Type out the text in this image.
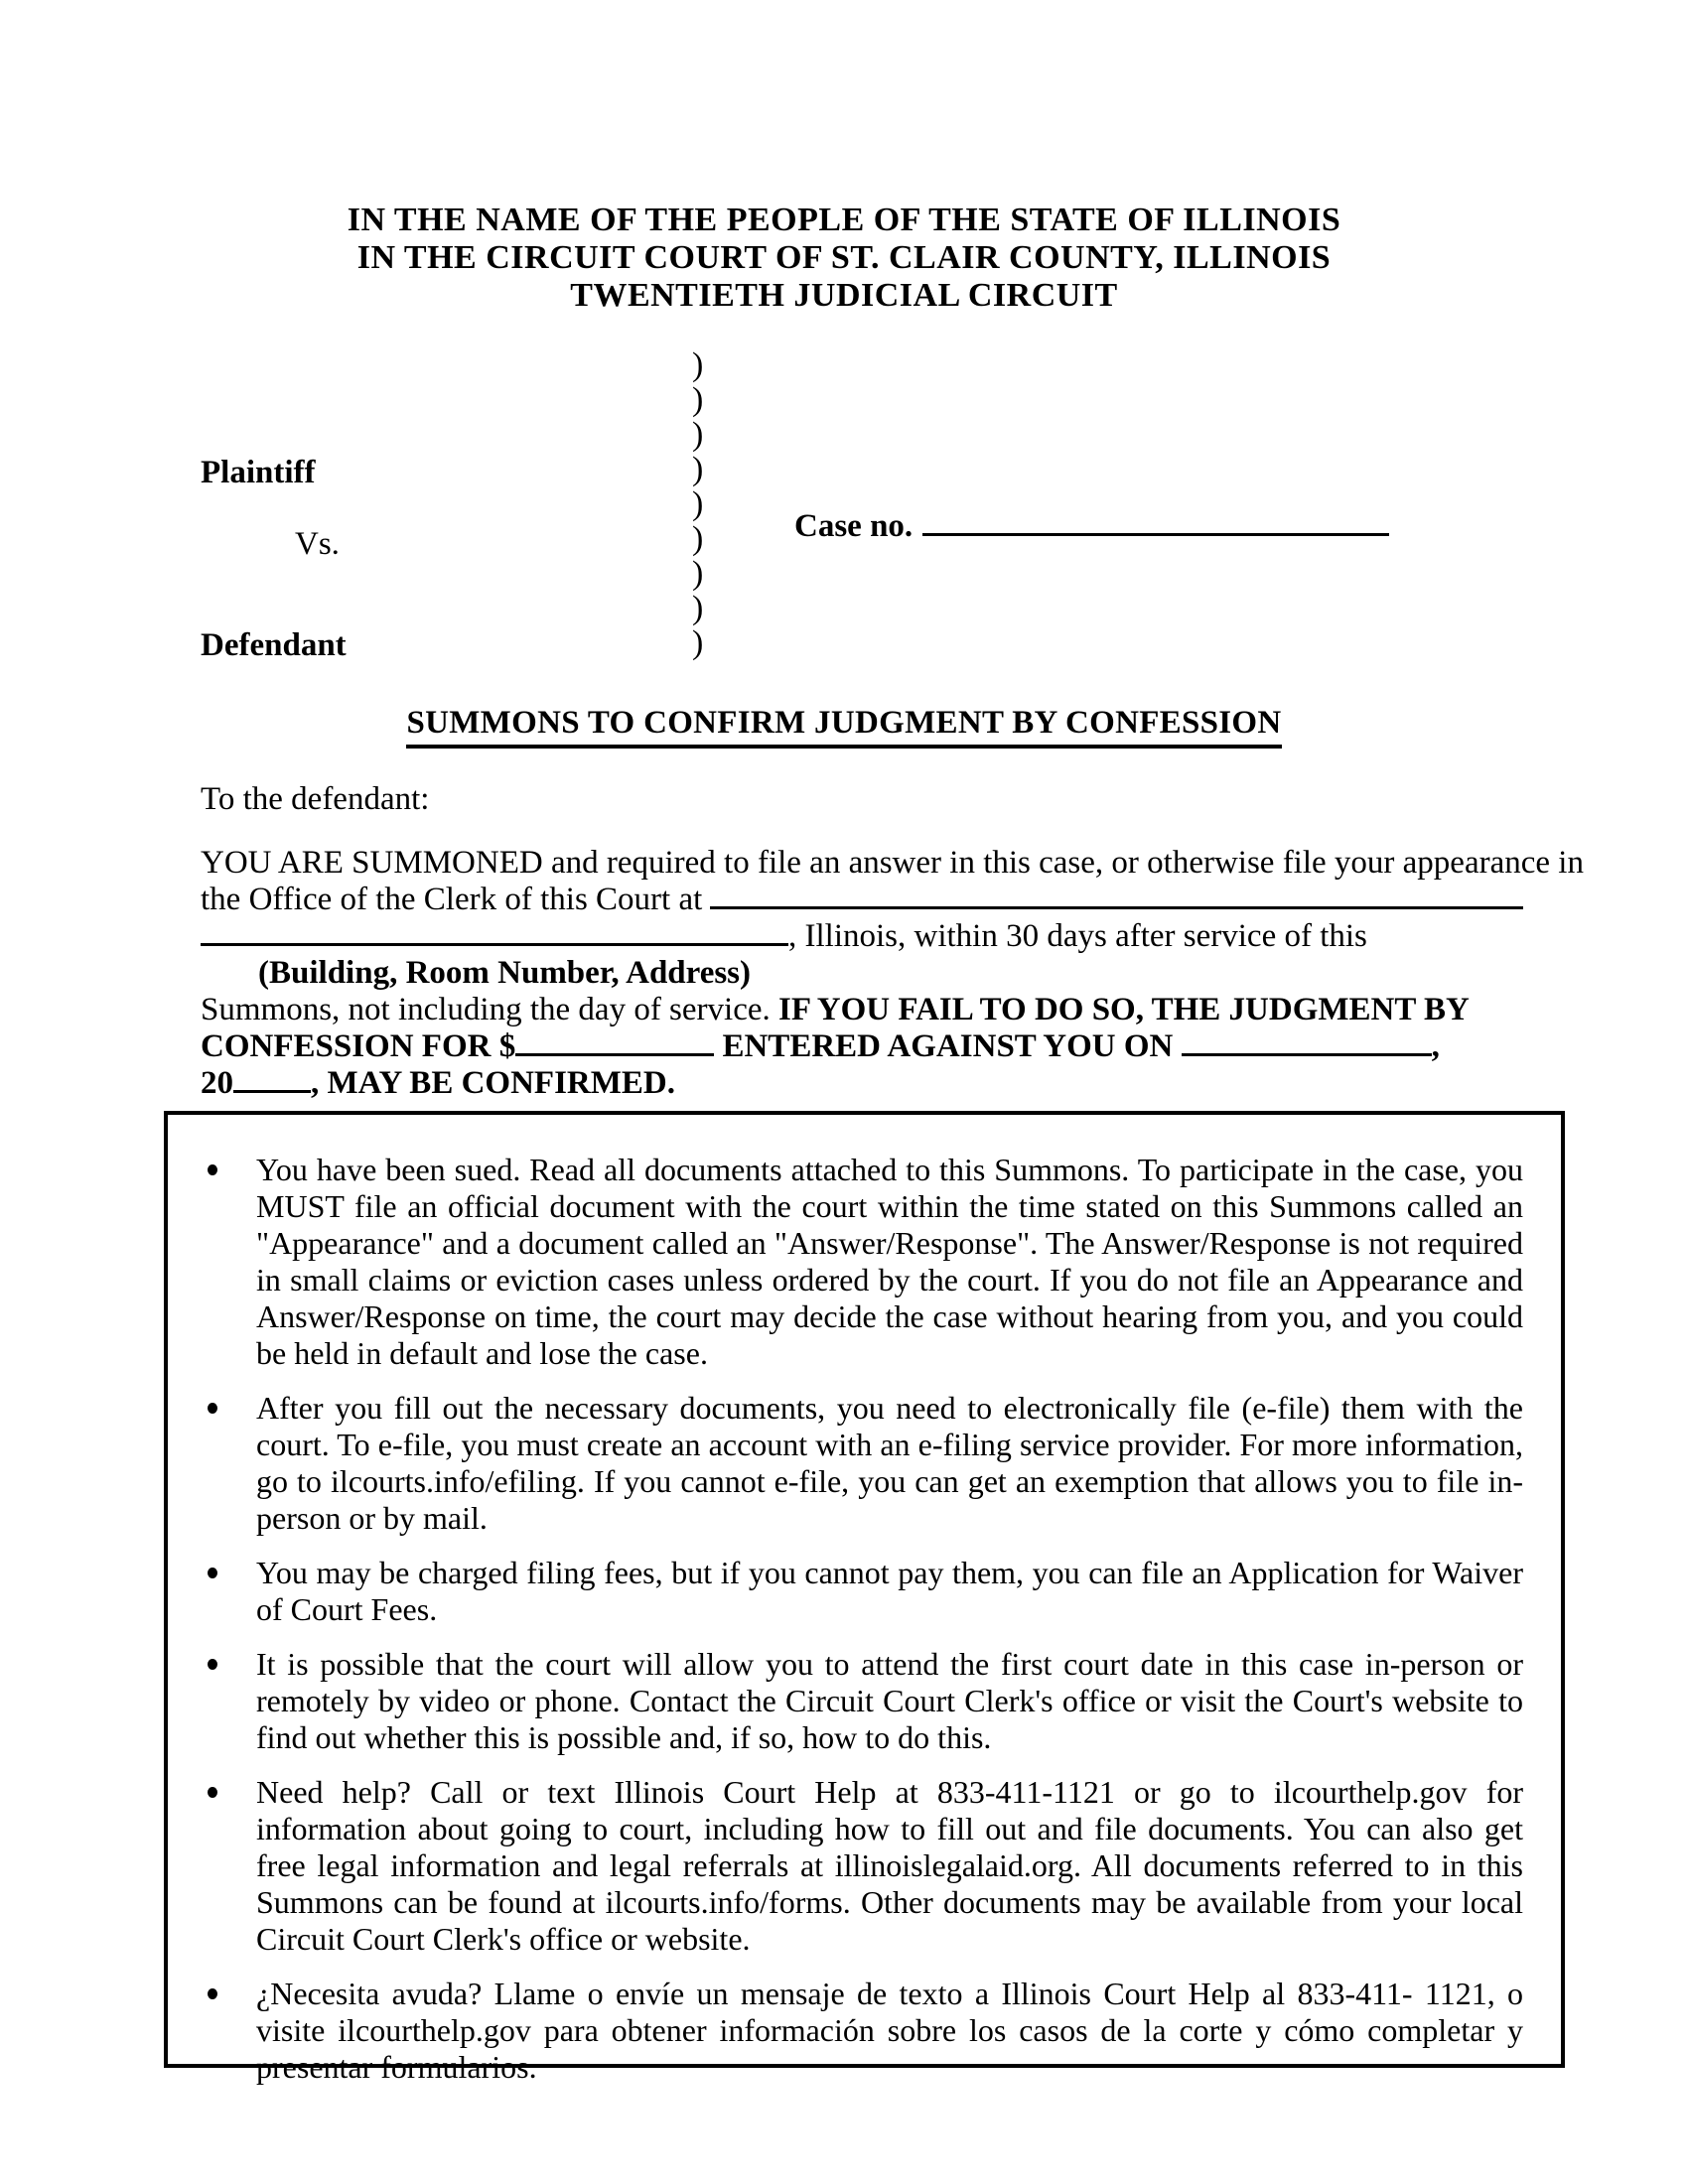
IN THE NAME OF THE PEOPLE OF THE STATE OF ILLINOIS
IN THE CIRCUIT COURT OF ST. CLAIR COUNTY, ILLINOIS
TWENTIETH JUDICIAL CIRCUIT
)
)
)
)
)
)
)
)
)
Plaintiff
Vs.
Defendant
Case no.
SUMMONS TO CONFIRM JUDGMENT BY CONFESSION
To the defendant:
YOU ARE SUMMONED and required to file an answer in this case, or otherwise file your appearance in
the Office of the Clerk of this Court at
, Illinois, within 30 days after service of this
(Building, Room Number, Address)
Summons, not including the day of service. IF YOU FAIL TO DO SO, THE JUDGMENT BY
CONFESSION FOR $	ENTERED AGAINST YOU ON	,
20 , MAY BE CONFIRMED.
You have been sued. Read all documents attached to this Summons. To participate in the case, you MUST file an official document with the court within the time stated on this Summons called an "Appearance" and a document called an "Answer/Response". The Answer/Response is not required in small claims or eviction cases unless ordered by the court. If you do not file an Appearance and Answer/Response on time, the court may decide the case without hearing from you, and you could be held in default and lose the case.
After you fill out the necessary documents, you need to electronically file (e-file) them with the court. To e-file, you must create an account with an e-filing service provider. For more information, go to ilcourts.info/efiling. If you cannot e-file, you can get an exemption that allows you to file in-person or by mail.
You may be charged filing fees, but if you cannot pay them, you can file an Application for Waiver of Court Fees.
It is possible that the court will allow you to attend the first court date in this case in-person or remotely by video or phone. Contact the Circuit Court Clerk's office or visit the Court's website to find out whether this is possible and, if so, how to do this.
Need help? Call or text Illinois Court Help at 833-411-1121 or go to ilcourthelp.gov for information about going to court, including how to fill out and file documents. You can also get free legal information and legal referrals at illinoislegalaid.org. All documents referred to in this Summons can be found at ilcourts.info/forms. Other documents may be available from your local Circuit Court Clerk's office or website.
¿Necesita avuda? Llame o envíe un mensaje de texto a Illinois Court Help al 833-411- 1121, o visite ilcourthelp.gov para obtener información sobre los casos de la corte y cómo completar y presentar formularios.
